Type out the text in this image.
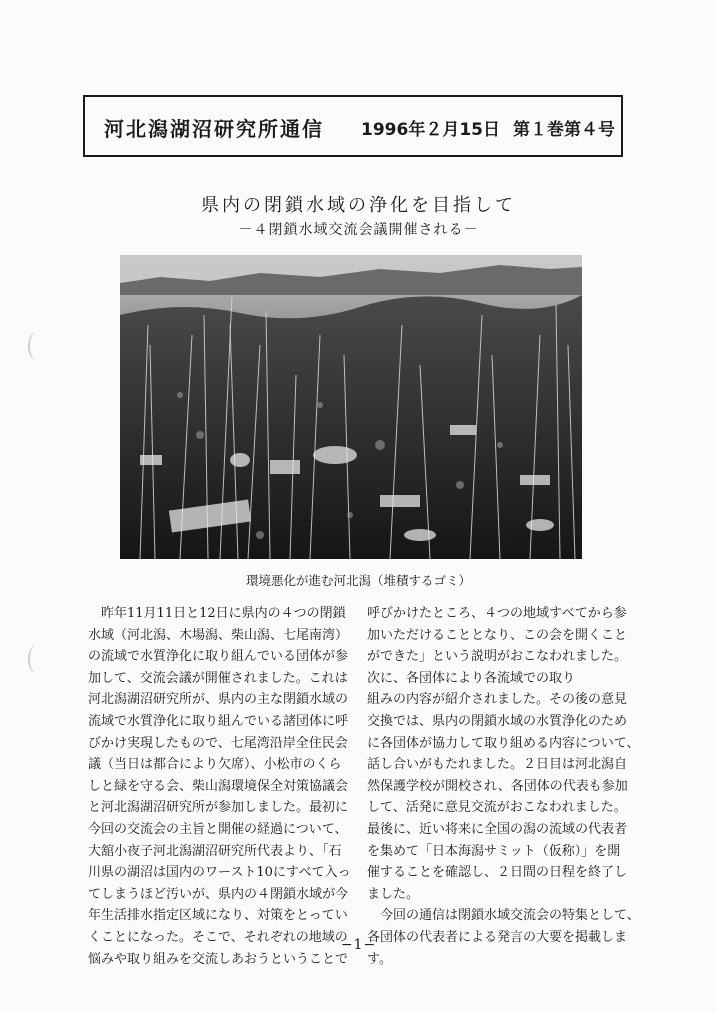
河北潟湖沼研究所通信 1996年２月15日 第１巻第４号
県内の閉鎖水域の浄化を目指して
－４閉鎖水域交流会議開催される－
環境悪化が進む河北潟（堆積するゴミ）
　昨年11月11日と12日に県内の４つの閉鎖
水域（河北潟、木場潟、柴山潟、七尾南湾）
の流域で水質浄化に取り組んでいる団体が参
加して、交流会議が開催されました。これは
河北潟湖沼研究所が、県内の主な閉鎖水域の
流域で水質浄化に取り組んでいる諸団体に呼
びかけ実現したもので、七尾湾沿岸全住民会
議（当日は都合により欠席）、小松市のくら
しと緑を守る会、柴山潟環境保全対策協議会
と河北潟湖沼研究所が参加しました。最初に
今回の交流会の主旨と開催の経過について、
大舘小夜子河北潟湖沼研究所代表より、「石
川県の湖沼は国内のワースト10にすべて入っ
てしまうほど汚いが、県内の４閉鎖水域が今
年生活排水指定区域になり、対策をとってい
くことになった。そこで、それぞれの地域の
悩みや取り組みを交流しあおうということで
呼びかけたところ、４つの地域すべてから参
加いただけることとなり、この会を開くこと
ができた」という説明がおこなわれました。
次に、各団体により各流域での取り
組みの内容が紹介されました。その後の意見
交換では、県内の閉鎖水域の水質浄化のため
に各団体が協力して取り組める内容について、
話し合いがもたれました。２日目は河北潟自
然保護学校が開校され、各団体の代表も参加
して、活発に意見交流がおこなわれました。
最後に、近い将来に全国の潟の流域の代表者
を集めて「日本海潟サミット（仮称）」を開
催することを確認し、２日間の日程を終了し
ました。
　今回の通信は閉鎖水域交流会の特集として、
各団体の代表者による発言の大要を掲載しま
す。
−1−
